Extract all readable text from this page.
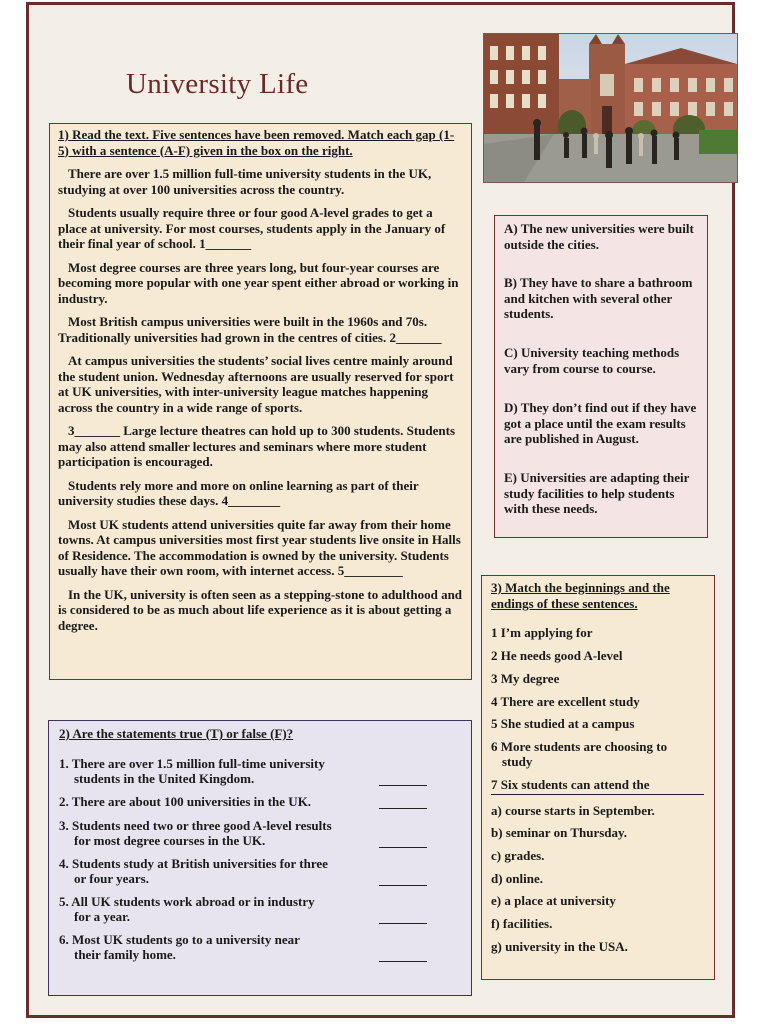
University Life

1) Read the text. Five sentences have been removed. Match each gap (1-5) with a sentence (A-F) given in the box on the right.

There are over 1.5 million full-time university students in the UK, studying at over 100 universities across the country.

Students usually require three or four good A-level grades to get a place at university. For most courses, students apply in the January of their final year of school. 1_______

Most degree courses are three years long, but four-year courses are becoming more popular with one year spent either abroad or working in industry.

Most British campus universities were built in the 1960s and 70s. Traditionally universities had grown in the centres of cities. 2_______

At campus universities the students’ social lives centre mainly around the student union. Wednesday afternoons are usually reserved for sport at UK universities, with inter-university league matches happening across the country in a wide range of sports.

3_______ Large lecture theatres can hold up to 300 students. Students may also attend smaller lectures and seminars where more student participation is encouraged.

Students rely more and more on online learning as part of their university studies these days. 4________

Most UK students attend universities quite far away from their home towns. At campus universities most first year students live onsite in Halls of Residence. The accommodation is owned by the university. Students usually have their own room, with internet access. 5_________

In the UK, university is often seen as a stepping-stone to adulthood and is considered to be as much about life experience as it is about getting a degree.

A) The new universities were built outside the cities.

B) They have to share a bathroom and kitchen with several other students.

C) University teaching methods vary from course to course.

D) They don’t find out if they have got a place until the exam results are published in August.

E) Universities are adapting their study facilities to help students with these needs.

2) Are the statements true (T) or false (F)?

1. There are over 1.5 million full-time university
students in the United Kingdom.
2. There are about 100 universities in the UK.
3. Students need two or three good A-level results
for most degree courses in the UK.
4. Students study at British universities for three
or four years.
5. All UK students work abroad or in industry
for a year.
6. Most UK students go to a university near
their family home.

3) Match the beginnings and the endings of these sentences.

1 I’m applying for
2 He needs good A-level
3 My degree
4 There are excellent study
5 She studied at a campus
6 More students are choosing to
study
7 Six students can attend the
a) course starts in September.
b) seminar on Thursday.
c) grades.
d) online.
e) a place at university
f) facilities.
g) university in the USA.
